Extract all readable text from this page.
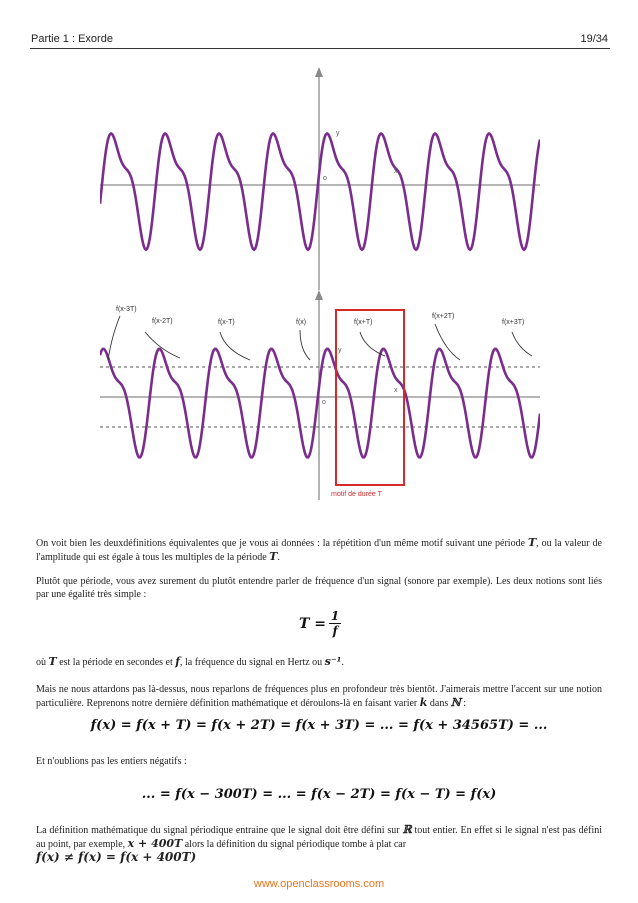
Partie 1 : Exorde	19/34
o
x
y
f(x-3T)
f(x-2T)	f(x-T)	f(x)	f(x+T)
f(x+2T)
f(x+3T)
y
o
x
motif de durée T
On voit bien les deuxdéfinitions équivalentes que je vous ai données : la répétition d'un même motif suivant une période T, ou la valeur de l'amplitude qui est égale à tous les multiples de la période T.
Plutôt que période, vous avez surement du plutôt entendre parler de fréquence d'un signal (sonore par exemple). Les deux notions sont liés par une égalité très simple :
T = 1
f
où T est la période en secondes et f, la fréquence du signal en Hertz ou s⁻¹.
Mais ne nous attardons pas là-dessus, nous reparlons de fréquences plus en profondeur très bientôt. J'aimerais mettre l'accent sur une notion particulière. Reprenons notre dernière définition mathématique et déroulons-là en faisant varier k dans ℕ :
f(x) = f(x + T) = f(x + 2T) = f(x + 3T) = ... = f(x + 34565T) = ...
Et n'oublions pas les entiers négatifs :
... = f(x − 300T) = ... = f(x − 2T) = f(x − T) = f(x)
La définition mathématique du signal périodique entraine que le signal doit être défini sur ℝ tout entier. En effet si le signal n'est pas défini au point, par exemple, x + 400T alors la définition du signal périodique tombe à plat car
f(x) ≠ f(x) = f(x + 400T)
www.openclassrooms.com
